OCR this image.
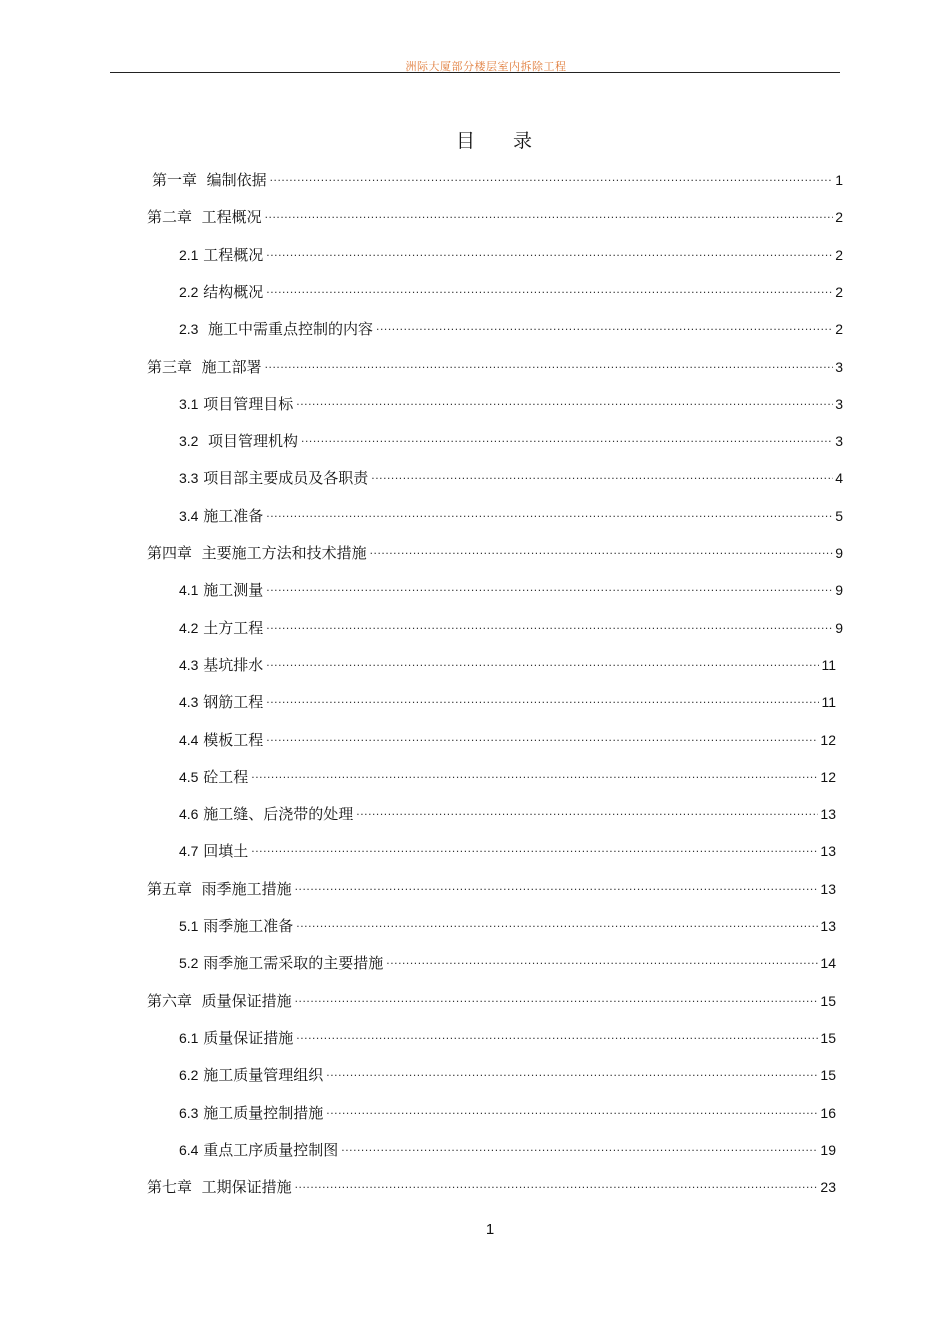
洲际大厦部分楼层室内拆除工程
目 录
第一章 编制依据 .....	1
第二章 工程概况 .....	2
2.1 工程概况 .....	2
2.2 结构概况 .....	2
2.3 施工中需重点控制的内容 .....	2
第三章 施工部署 .....	3
3.1 项目管理目标 .....	3
3.2 项目管理机构 .....	3
3.3 项目部主要成员及各职责 .....	4
3.4 施工准备 .....	5
第四章 主要施工方法和技术措施 .....	9
4.1 施工测量 .....	9
4.2 土方工程 .....	9
4.3 基坑排水 .....	11
4.3 钢筋工程 .....	11
4.4 模板工程 .....	12
4.5 砼工程 .....	12
4.6 施工缝、后浇带的处理 .....	13
4.7 回填土 .....	13
第五章 雨季施工措施 .....	13
5.1 雨季施工准备 .....	13
5.2 雨季施工需采取的主要措施 .....	14
第六章 质量保证措施 .....	15
6.1 质量保证措施 .....	15
6.2 施工质量管理组织 .....	15
6.3 施工质量控制措施 .....	16
6.4 重点工序质量控制图 .....	19
第七章 工期保证措施 .....	23
1
